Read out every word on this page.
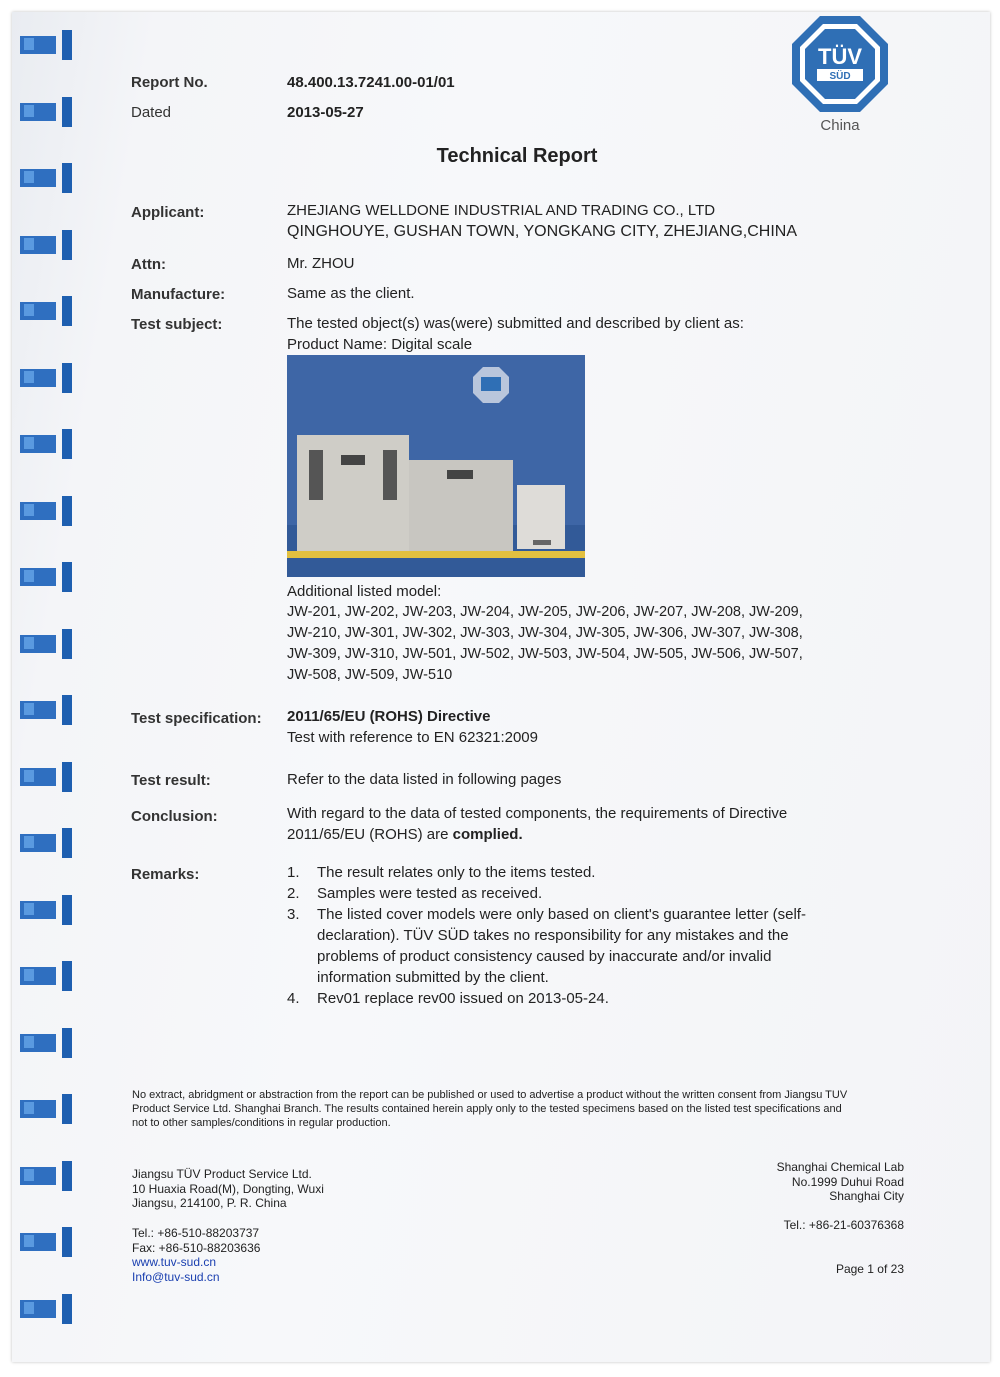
Report No.	48.400.13.7241.00-01/01
Dated	2013-05-27
TÜV
SÜD
China
Technical Report
Applicant:	ZHEJIANG WELLDONE INDUSTRIAL AND TRADING CO., LTD
QINGHOUYE, GUSHAN TOWN, YONGKANG CITY, ZHEJIANG,CHINA
Attn:	Mr. ZHOU
Manufacture:	Same as the client.
Test subject:	The tested object(s) was(were) submitted and described by client as:
Product Name: Digital scale
Additional listed model:
JW-201, JW-202, JW-203, JW-204, JW-205, JW-206, JW-207, JW-208, JW-209,
JW-210, JW-301, JW-302, JW-303, JW-304, JW-305, JW-306, JW-307, JW-308,
JW-309, JW-310, JW-501, JW-502, JW-503, JW-504, JW-505, JW-506, JW-507,
JW-508, JW-509, JW-510
Test specification: 2011/65/EU (ROHS) Directive
Test with reference to EN 62321:2009
Test result:	Refer to the data listed in following pages
Conclusion:	With regard to the data of tested components, the requirements of Directive
2011/65/EU (ROHS) are complied.
Remarks:	1.	The result relates only to the items tested.
2.	Samples were tested as received.
3.	The listed cover models were only based on client's guarantee letter (self-
declaration). TÜV SÜD takes no responsibility for any mistakes and the
problems of product consistency caused by inaccurate and/or invalid
information submitted by the client.
4.	Rev01 replace rev00 issued on 2013-05-24.
No extract, abridgment or abstraction from the report can be published or used to advertise a product without the written consent from Jiangsu TUV
Product Service Ltd. Shanghai Branch. The results contained herein apply only to the tested specimens based on the listed test specifications and
not to other samples/conditions in regular production.
Jiangsu TÜV Product Service Ltd.
10 Huaxia Road(M), Dongting, Wuxi
Jiangsu, 214100, P. R. China
Tel.: +86-510-88203737
Fax: +86-510-88203636
www.tuv-sud.cn
Info@tuv-sud.cn
Shanghai Chemical Lab
No.1999 Duhui Road
Shanghai City
Tel.: +86-21-60376368
Page 1 of 23
